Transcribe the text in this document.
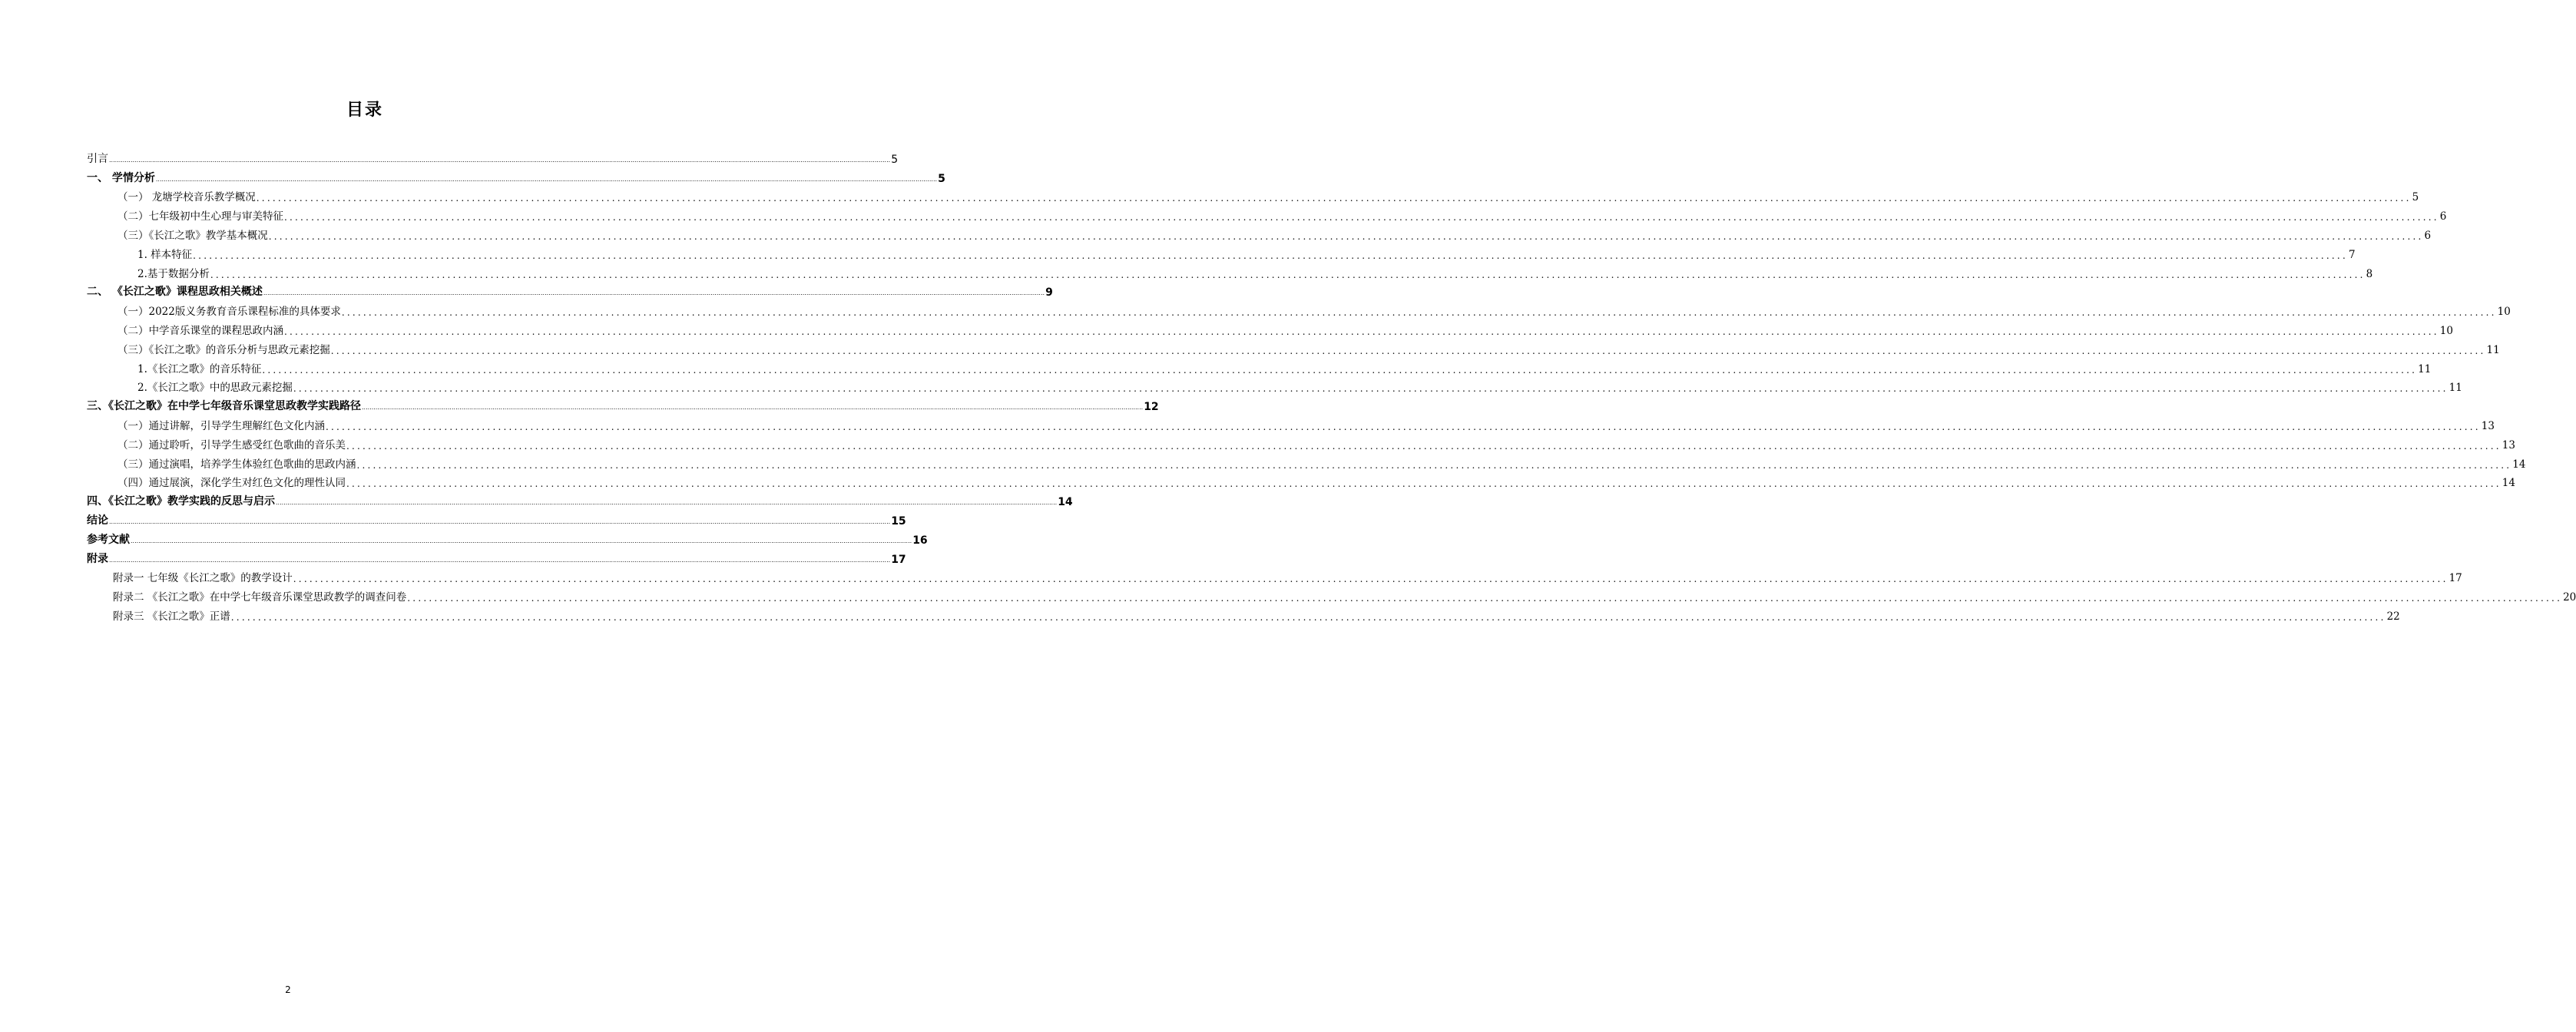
目录
引言 ................................................................................................................................................................................................................................................................................................................................................................................................................ 5
一、 学情分析 ................................................................................................................................................................................................................................................................................................................................................................................................................ 5
（一） 龙塘学校音乐教学概况 ................................................................................................................................................................................................................................................................................................................................................................................................................ 5
（二）七年级初中生心理与审美特征 ................................................................................................................................................................................................................................................................................................................................................................................................................ 6
（三）《长江之歌》教学基本概况 ................................................................................................................................................................................................................................................................................................................................................................................................................ 6
1. 样本特征 ................................................................................................................................................................................................................................................................................................................................................................................................................ 7
2.基于数据分析 ................................................................................................................................................................................................................................................................................................................................................................................................................ 8
二、 《长江之歌》课程思政相关概述 ................................................................................................................................................................................................................................................................................................................................................................................................................ 9
（一）2022版义务教育音乐课程标准的具体要求 ................................................................................................................................................................................................................................................................................................................................................................................................................ 10
（二）中学音乐课堂的课程思政内涵 ................................................................................................................................................................................................................................................................................................................................................................................................................ 10
（三）《长江之歌》的音乐分析与思政元素挖掘 ................................................................................................................................................................................................................................................................................................................................................................................................................ 11
1.《长江之歌》的音乐特征 ................................................................................................................................................................................................................................................................................................................................................................................................................ 11
2.《长江之歌》中的思政元素挖掘 ................................................................................................................................................................................................................................................................................................................................................................................................................ 11
三、《长江之歌》在中学七年级音乐课堂思政教学实践路径 ................................................................................................................................................................................................................................................................................................................................................................................................................ 12
（一）通过讲解，引导学生理解红色文化内涵 ................................................................................................................................................................................................................................................................................................................................................................................................................ 13
（二）通过聆听，引导学生感受红色歌曲的音乐美 ................................................................................................................................................................................................................................................................................................................................................................................................................ 13
（三）通过演唱，培养学生体验红色歌曲的思政内涵 ................................................................................................................................................................................................................................................................................................................................................................................................................ 14
（四）通过展演，深化学生对红色文化的理性认同 ................................................................................................................................................................................................................................................................................................................................................................................................................ 14
四、《长江之歌》教学实践的反思与启示 ................................................................................................................................................................................................................................................................................................................................................................................................................ 14
结论 ................................................................................................................................................................................................................................................................................................................................................................................................................ 15
参考文献 ................................................................................................................................................................................................................................................................................................................................................................................................................ 16
附录 ................................................................................................................................................................................................................................................................................................................................................................................................................ 17
附录一 七年级《长江之歌》的教学设计 ................................................................................................................................................................................................................................................................................................................................................................................................................ 17
附录二 《长江之歌》在中学七年级音乐课堂思政教学的调查问卷 ................................................................................................................................................................................................................................................................................................................................................................................................................ 20
附录三 《长江之歌》正谱 ................................................................................................................................................................................................................................................................................................................................................................................................................ 22
2
